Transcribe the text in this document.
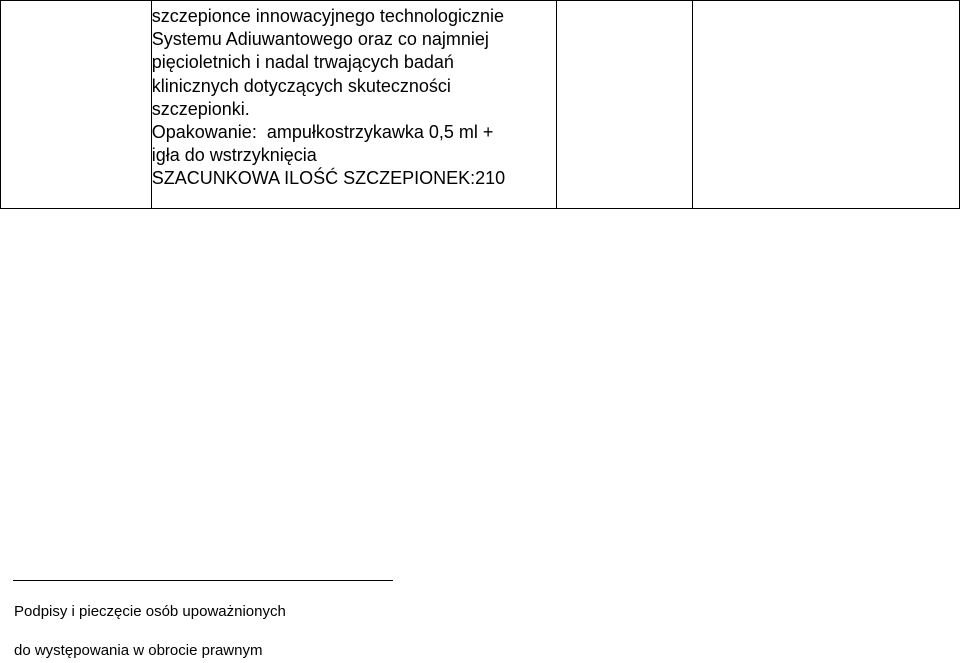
szczepionce innowacyjnego technologicznie
Systemu Adiuwantowego oraz co najmniej
pięcioletnich i nadal trwających badań
klinicznych dotyczących skuteczności
szczepionki.
Opakowanie:  ampułkostrzykawka 0,5 ml +
igła do wstrzyknięcia
SZACUNKOWA ILOŚĆ SZCZEPIONEK:210

Podpisy i pieczęcie osób upoważnionych
do występowania w obrocie prawnym
